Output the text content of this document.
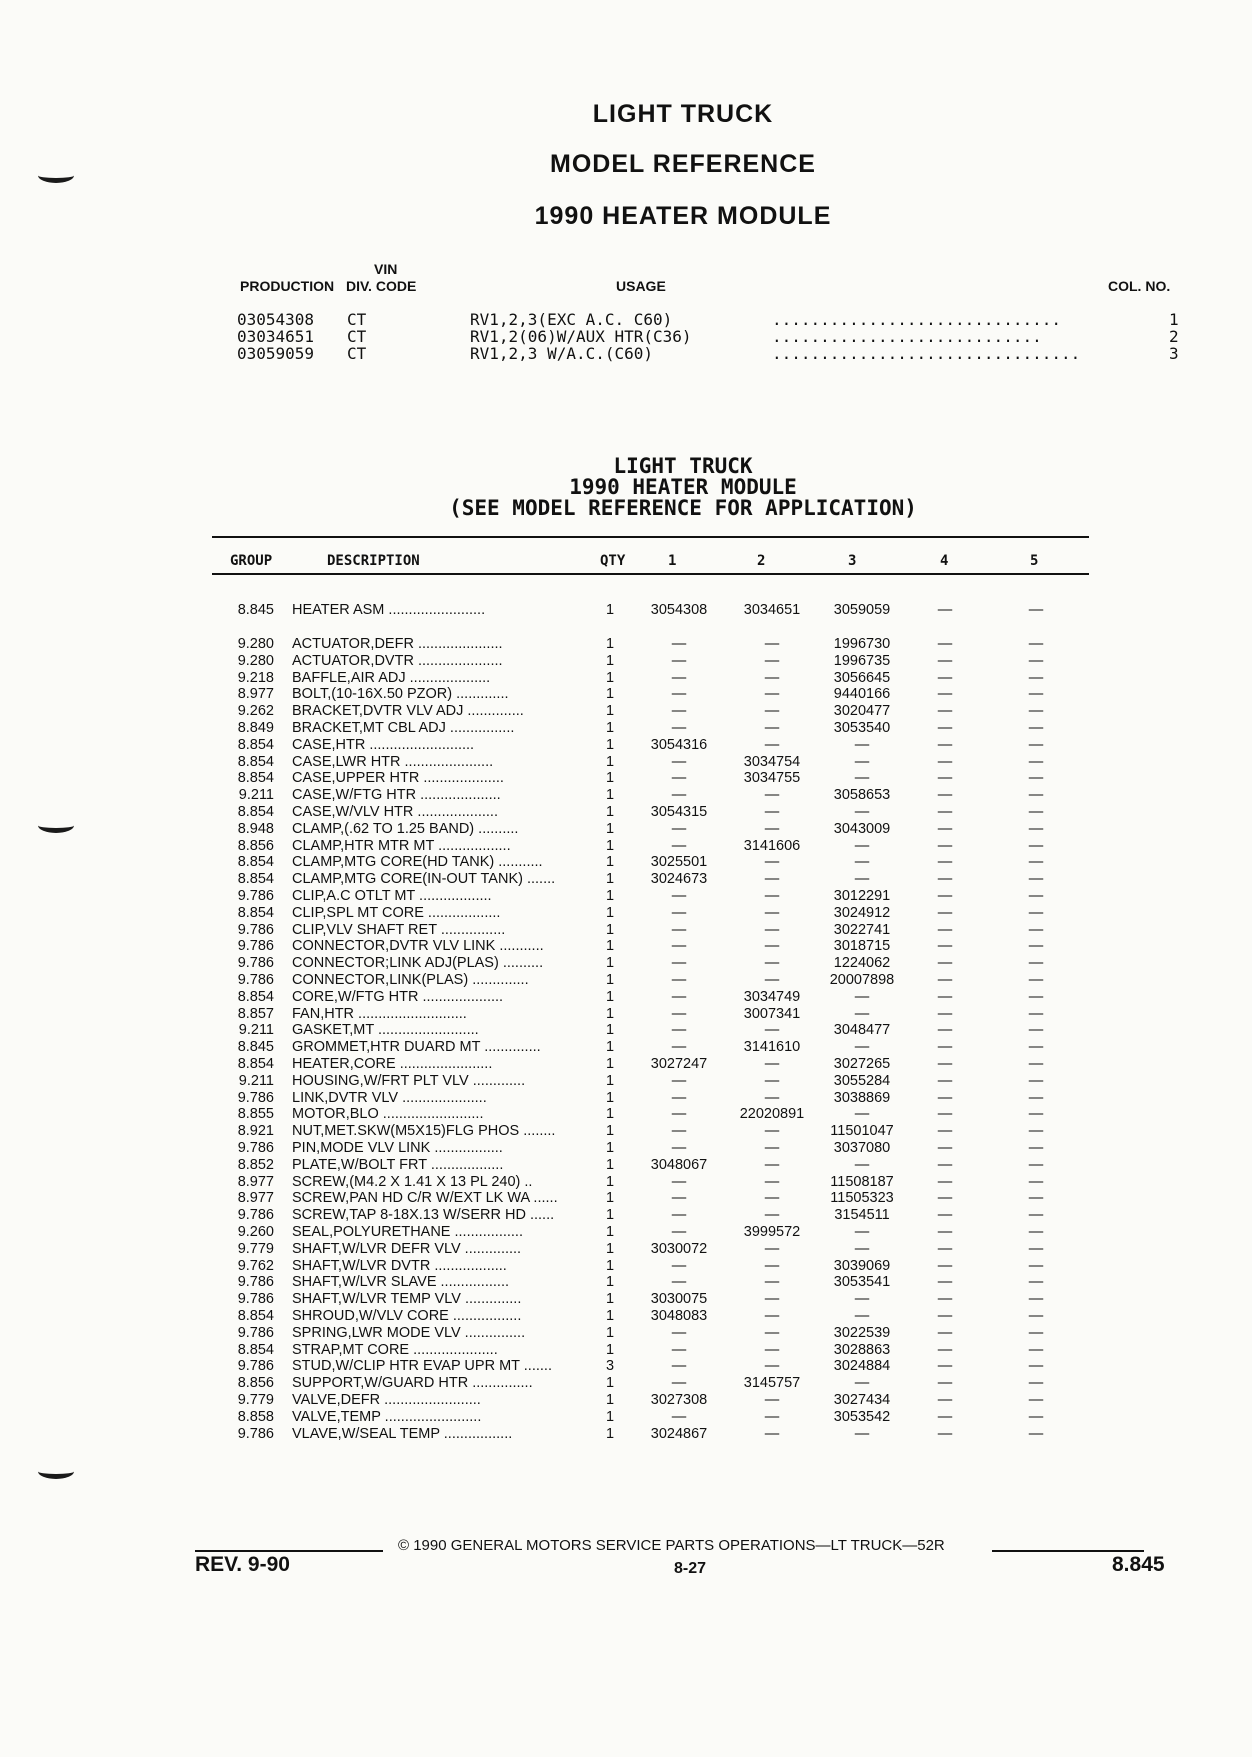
LIGHT TRUCK
MODEL REFERENCE
1990 HEATER MODULE
VIN
PRODUCTION DIV. CODE	USAGE	COL. NO.
03054308 CT	RV1,2,3(EXC A.C. C60)	..............................	1
03034651 CT	RV1,2(06)W/AUX HTR(C36)	............................	2
03059059 CT	RV1,2,3 W/A.C.(C60)	................................	3
LIGHT TRUCK
1990 HEATER MODULE
(SEE MODEL REFERENCE FOR APPLICATION)
GROUP	DESCRIPTION	QTY	1	2	3	4	5
8.845 HEATER ASM ........................	1	3054308	3034651	3059059	—	—
9.280 ACTUATOR,DEFR .....................	1	—	—	1996730	—	—
9.280 ACTUATOR,DVTR .....................	1	—	—	1996735	—	—
9.218 BAFFLE,AIR ADJ ....................	1	—	—	3056645	—	—
8.977 BOLT,(10-16X.50 PZOR) .............	1	—	—	9440166	—	—
9.262 BRACKET,DVTR VLV ADJ ..............	1	—	—	3020477	—	—
8.849 BRACKET,MT CBL ADJ ................	1	—	—	3053540	—	—
8.854 CASE,HTR ..........................	1	3054316	—	—	—	—
8.854 CASE,LWR HTR ......................	1	—	3034754	—	—	—
8.854 CASE,UPPER HTR ....................	1	—	3034755	—	—	—
9.211 CASE,W/FTG HTR ....................	1	—	—	3058653	—	—
8.854 CASE,W/VLV HTR ....................	1	3054315	—	—	—	—
8.948 CLAMP,(.62 TO 1.25 BAND) ..........	1	—	—	3043009	—	—
8.856 CLAMP,HTR MTR MT ..................	1	—	3141606	—	—	—
8.854 CLAMP,MTG CORE(HD TANK) ...........	1	3025501	—	—	—	—
8.854 CLAMP,MTG CORE(IN-OUT TANK) .......	1	3024673	—	—	—	—
9.786 CLIP,A.C OTLT MT ..................	1	—	—	3012291	—	—
8.854 CLIP,SPL MT CORE ..................	1	—	—	3024912	—	—
9.786 CLIP,VLV SHAFT RET ................	1	—	—	3022741	—	—
9.786 CONNECTOR,DVTR VLV LINK ...........	1	—	—	3018715	—	—
9.786 CONNECTOR;LINK ADJ(PLAS) ..........	1	—	—	1224062	—	—
9.786 CONNECTOR,LINK(PLAS) ..............	1	—	—	20007898	—	—
8.854 CORE,W/FTG HTR ....................	1	—	3034749	—	—	—
8.857 FAN,HTR ...........................	1	—	3007341	—	—	—
9.211 GASKET,MT .........................	1	—	—	3048477	—	—
8.845 GROMMET,HTR DUARD MT ..............	1	—	3141610	—	—	—
8.854 HEATER,CORE .......................	1	3027247	—	3027265	—	—
9.211 HOUSING,W/FRT PLT VLV .............	1	—	—	3055284	—	—
9.786 LINK,DVTR VLV .....................	1	—	—	3038869	—	—
8.855 MOTOR,BLO .........................	1	—	22020891	—	—	—
8.921 NUT,MET.SKW(M5X15)FLG PHOS ........	1	—	—	11501047	—	—
9.786 PIN,MODE VLV LINK .................	1	—	—	3037080	—	—
8.852 PLATE,W/BOLT FRT ..................	1	3048067	—	—	—	—
8.977 SCREW,(M4.2 X 1.41 X 13 PL 240) ..	1	—	—	11508187	—	—
8.977 SCREW,PAN HD C/R W/EXT LK WA ......	1	—	—	11505323	—	—
9.786 SCREW,TAP 8-18X.13 W/SERR HD ......	1	—	—	3154511	—	—
9.260 SEAL,POLYURETHANE .................	1	—	3999572	—	—	—
9.779 SHAFT,W/LVR DEFR VLV ..............	1	3030072	—	—	—	—
9.762 SHAFT,W/LVR DVTR ..................	1	—	—	3039069	—	—
9.786 SHAFT,W/LVR SLAVE .................	1	—	—	3053541	—	—
9.786 SHAFT,W/LVR TEMP VLV ..............	1	3030075	—	—	—	—
8.854 SHROUD,W/VLV CORE .................	1	3048083	—	—	—	—
9.786 SPRING,LWR MODE VLV ...............	1	—	—	3022539	—	—
8.854 STRAP,MT CORE .....................	1	—	—	3028863	—	—
9.786 STUD,W/CLIP HTR EVAP UPR MT .......	3	—	—	3024884	—	—
8.856 SUPPORT,W/GUARD HTR ...............	1	—	3145757	—	—	—
9.779 VALVE,DEFR ........................	1	3027308	—	3027434	—	—
8.858 VALVE,TEMP ........................	1	—	—	3053542	—	—
9.786 VLAVE,W/SEAL TEMP .................	1	3024867	—	—	—	—
© 1990 GENERAL MOTORS SERVICE PARTS OPERATIONS—LT TRUCK—52R
REV. 9-90	8-27	8.845
